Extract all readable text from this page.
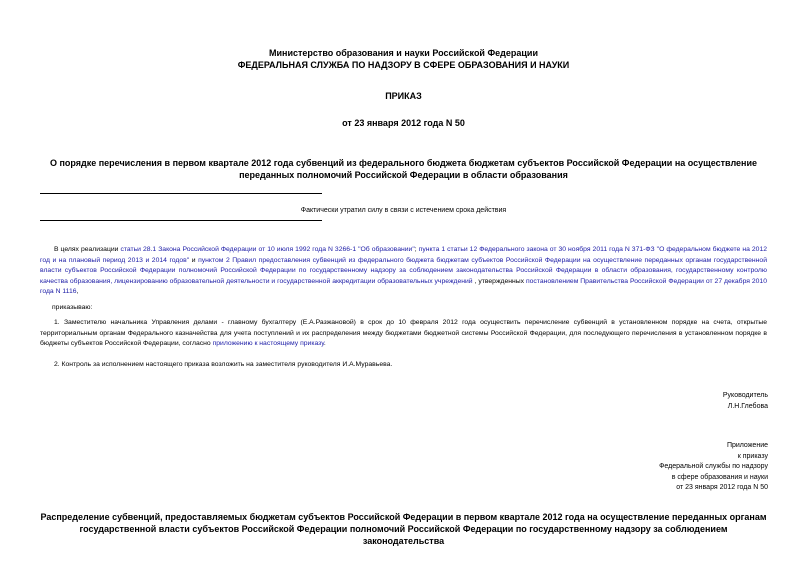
Министерство образования и науки Российской Федерации
ФЕДЕРАЛЬНАЯ СЛУЖБА ПО НАДЗОРУ В СФЕРЕ ОБРАЗОВАНИЯ И НАУКИ
ПРИКАЗ
от 23 января 2012 года N 50
О порядке перечисления в первом квартале 2012 года субвенций из федерального бюджета бюджетам субъектов Российской Федерации на осуществление переданных полномочий Российской Федерации в области образования
Фактически утратил силу в связи с истечением срока действия
В целях реализации статьи 28.1 Закона Российской Федерации от 10 июля 1992 года N 3266-1 "Об образовании"; пункта 1 статьи 12 Федерального закона от 30 ноября 2011 года N 371-ФЗ "О федеральном бюджете на 2012 год и на плановый период 2013 и 2014 годов" и пунктом 2 Правил предоставления субвенций из федерального бюджета бюджетам субъектов Российской Федерации на осуществление переданных органам государственной власти субъектов Российской Федерации полномочий Российской Федерации по государственному надзору за соблюдением законодательства Российской Федерации в области образования, государственному контролю качества образования, лицензированию образовательной деятельности и государственной аккредитации образовательных учреждений , утвержденных постановлением Правительства Российской Федерации от 27 декабря 2010 года N 1116,
приказываю:
1. Заместителю начальника Управления делами - главному бухгалтеру (Е.А.Разжановой) в срок до 10 февраля 2012 года осуществить перечисление субвенций в установленном порядке на счета, открытые территориальным органам Федерального казначейства для учета поступлений и их распределения между бюджетами бюджетной системы Российской Федерации, для последующего перечисления в установленном порядке в бюджеты субъектов Российской Федерации, согласно приложению к настоящему приказу.
2. Контроль за исполнением настоящего приказа возложить на заместителя руководителя И.А.Муравьева.
Руководитель
Л.Н.Глебова
Приложение
к приказу
Федеральной службы по надзору
в сфере образования и науки
от 23 января 2012 года N 50
Распределение субвенций, предоставляемых бюджетам субъектов Российской Федерации в первом квартале 2012 года на осуществление переданных органам государственной власти субъектов Российской Федерации полномочий Российской Федерации по государственному надзору за соблюдением законодательства
